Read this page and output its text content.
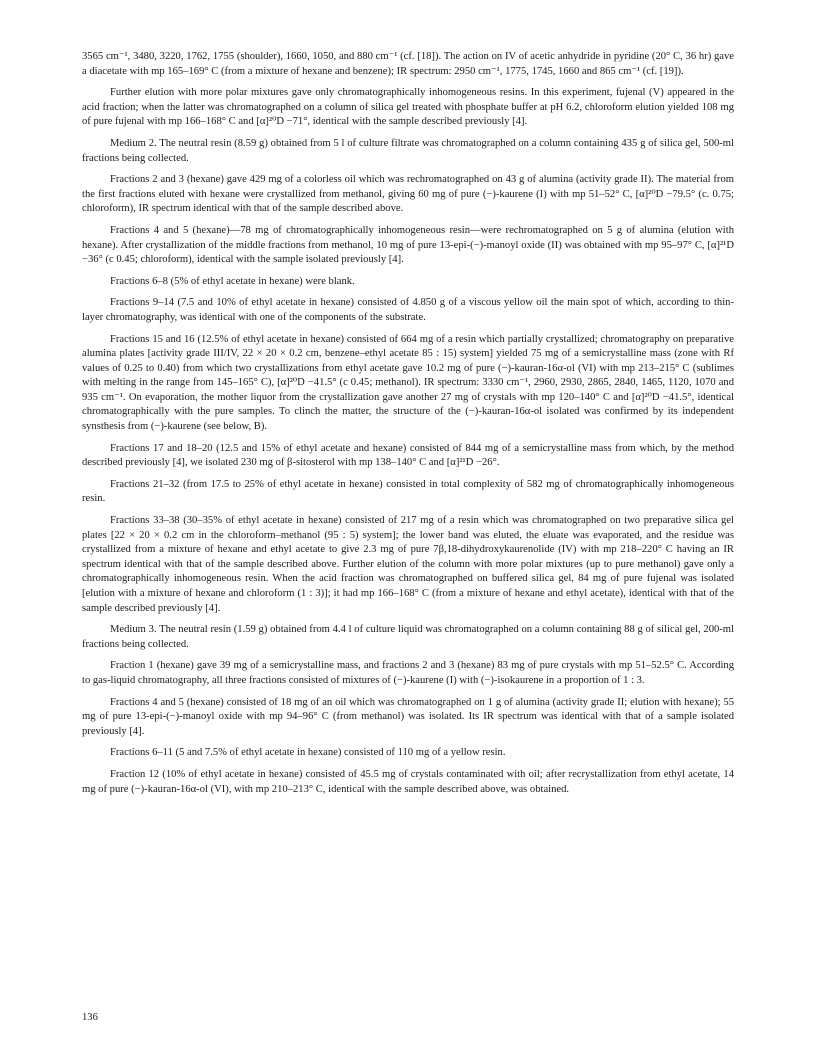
3565 cm⁻¹, 3480, 3220, 1762, 1755 (shoulder), 1660, 1050, and 880 cm⁻¹ (cf. [18]). The action on IV of acetic anhydride in pyridine (20° C, 36 hr) gave a diacetate with mp 165–169° C (from a mixture of hexane and benzene); IR spectrum: 2950 cm⁻¹, 1775, 1745, 1660 and 865 cm⁻¹ (cf. [19]).

Further elution with more polar mixtures gave only chromatographically inhomogeneous resins. In this experiment, fujenal (V) appeared in the acid fraction; when the latter was chromatographed on a column of silica gel treated with phosphate buffer at pH 6.2, chloroform elution yielded 108 mg of pure fujenal with mp 166–168° C and [α]²⁰D −71°, identical with the sample described previously [4].

Medium 2. The neutral resin (8.59 g) obtained from 5 l of culture filtrate was chromatographed on a column containing 435 g of silica gel, 500-ml fractions being collected.

Fractions 2 and 3 (hexane) gave 429 mg of a colorless oil which was rechromatographed on 43 g of alumina (activity grade II). The material from the first fractions eluted with hexane were crystallized from methanol, giving 60 mg of pure (−)-kaurene (I) with mp 51–52° C, [α]²⁰D −79.5° (c. 0.75; chloroform), IR spectrum identical with that of the sample described above.

Fractions 4 and 5 (hexane)—78 mg of chromatographically inhomogeneous resin—were rechromatographed on 5 g of alumina (elution with hexane). After crystallization of the middle fractions from methanol, 10 mg of pure 13-epi-(−)-manoyl oxide (II) was obtained with mp 95–97° C, [α]²¹D −36° (c 0.45; chloroform), identical with the sample isolated previously [4].

Fractions 6–8 (5% of ethyl acetate in hexane) were blank.

Fractions 9–14 (7.5 and 10% of ethyl acetate in hexane) consisted of 4.850 g of a viscous yellow oil the main spot of which, according to thin-layer chromatography, was identical with one of the components of the substrate.

Fractions 15 and 16 (12.5% of ethyl acetate in hexane) consisted of 664 mg of a resin which partially crystallized; chromatography on preparative alumina plates [activity grade III/IV, 22 × 20 × 0.2 cm, benzene–ethyl acetate 85 : 15) system] yielded 75 mg of a semicrystalline mass (zone with Rf values of 0.25 to 0.40) from which two crystallizations from ethyl acetate gave 10.2 mg of pure (−)-kauran-16α-ol (VI) with mp 213–215° C (sublimes with melting in the range from 145–165° C), [α]²⁰D −41.5° (c 0.45; methanol). IR spectrum: 3330 cm⁻¹, 2960, 2930, 2865, 2840, 1465, 1120, 1070 and 935 cm⁻¹. On evaporation, the mother liquor from the crystallization gave another 27 mg of crystals with mp 120–140° C and [α]²⁰D −41.5°, identical chromatographically with the pure samples. To clinch the matter, the structure of the (−)-kauran-16α-ol isolated was confirmed by its independent synsthesis from (−)-kaurene (see below, B).

Fractions 17 and 18–20 (12.5 and 15% of ethyl acetate and hexane) consisted of 844 mg of a semicrystalline mass from which, by the method described previously [4], we isolated 230 mg of β-sitosterol with mp 138–140° C and [α]²¹D −26°.

Fractions 21–32 (from 17.5 to 25% of ethyl acetate in hexane) consisted in total complexity of 582 mg of chromatographically inhomogeneous resin.

Fractions 33–38 (30–35% of ethyl acetate in hexane) consisted of 217 mg of a resin which was chromatographed on two preparative silica gel plates [22 × 20 × 0.2 cm in the chloroform–methanol (95 : 5) system]; the lower band was eluted, the eluate was evaporated, and the residue was crystallized from a mixture of hexane and ethyl acetate to give 2.3 mg of pure 7β,18-dihydroxykaurenolide (IV) with mp 218–220° C having an IR spectrum identical with that of the sample described above. Further elution of the column with more polar mixtures (up to pure methanol) gave only a chromatographically inhomogeneous resin. When the acid fraction was chromatographed on buffered silica gel, 84 mg of pure fujenal was isolated [elution with a mixture of hexane and chloroform (1 : 3)]; it had mp 166–168° C (from a mixture of hexane and ethyl acetate), identical with that of the sample described previously [4].

Medium 3. The neutral resin (1.59 g) obtained from 4.4 l of culture liquid was chromatographed on a column containing 88 g of silical gel, 200-ml fractions being collected.

Fraction 1 (hexane) gave 39 mg of a semicrystalline mass, and fractions 2 and 3 (hexane) 83 mg of pure crystals with mp 51–52.5° C. According to gas-liquid chromatography, all three fractions consisted of mixtures of (−)-kaurene (I) with (−)-isokaurene in a proportion of 1 : 3.

Fractions 4 and 5 (hexane) consisted of 18 mg of an oil which was chromatographed on 1 g of alumina (activity grade II; elution with hexane); 55 mg of pure 13-epi-(−)-manoyl oxide with mp 94–96° C (from methanol) was isolated. Its IR spectrum was identical with that of a sample isolated previously [4].

Fractions 6–11 (5 and 7.5% of ethyl acetate in hexane) consisted of 110 mg of a yellow resin.

Fraction 12 (10% of ethyl acetate in hexane) consisted of 45.5 mg of crystals contaminated with oil; after recrystallization from ethyl acetate, 14 mg of pure (−)-kauran-16α-ol (VI), with mp 210–213° C, identical with the sample described above, was obtained.

136
